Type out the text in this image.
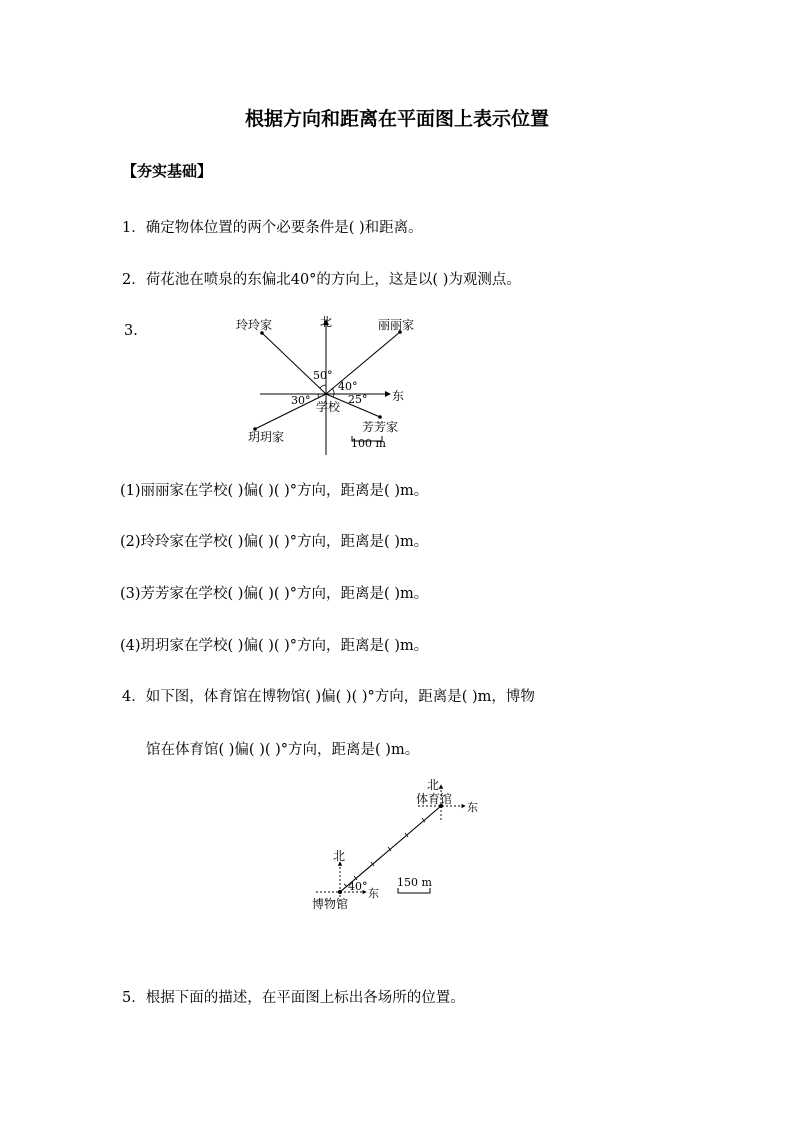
根据方向和距离在平面图上表示位置
【夯实基础】
1．确定物体位置的两个必要条件是( )和距离。
2．荷花池在喷泉的东偏北40°的方向上，这是以( )为观测点。
3.
北
东
学校
玲玲家	丽丽家
芳芳家
玥玥家
50°
40°
30°	25°
100 m
(1)丽丽家在学校( )偏( )( )°方向，距离是( )m。
(2)玲玲家在学校( )偏( )( )°方向，距离是( )m。
(3)芳芳家在学校( )偏( )( )°方向，距离是( )m。
(4)玥玥家在学校( )偏( )( )°方向，距离是( )m。
4．如下图，体育馆在博物馆( )偏( )( )°方向，距离是( )m，博物
馆在体育馆( )偏( )( )°方向，距离是( )m。
北
体育馆
东
北
40°
东
博物馆
150 m
5．根据下面的描述，在平面图上标出各场所的位置。
